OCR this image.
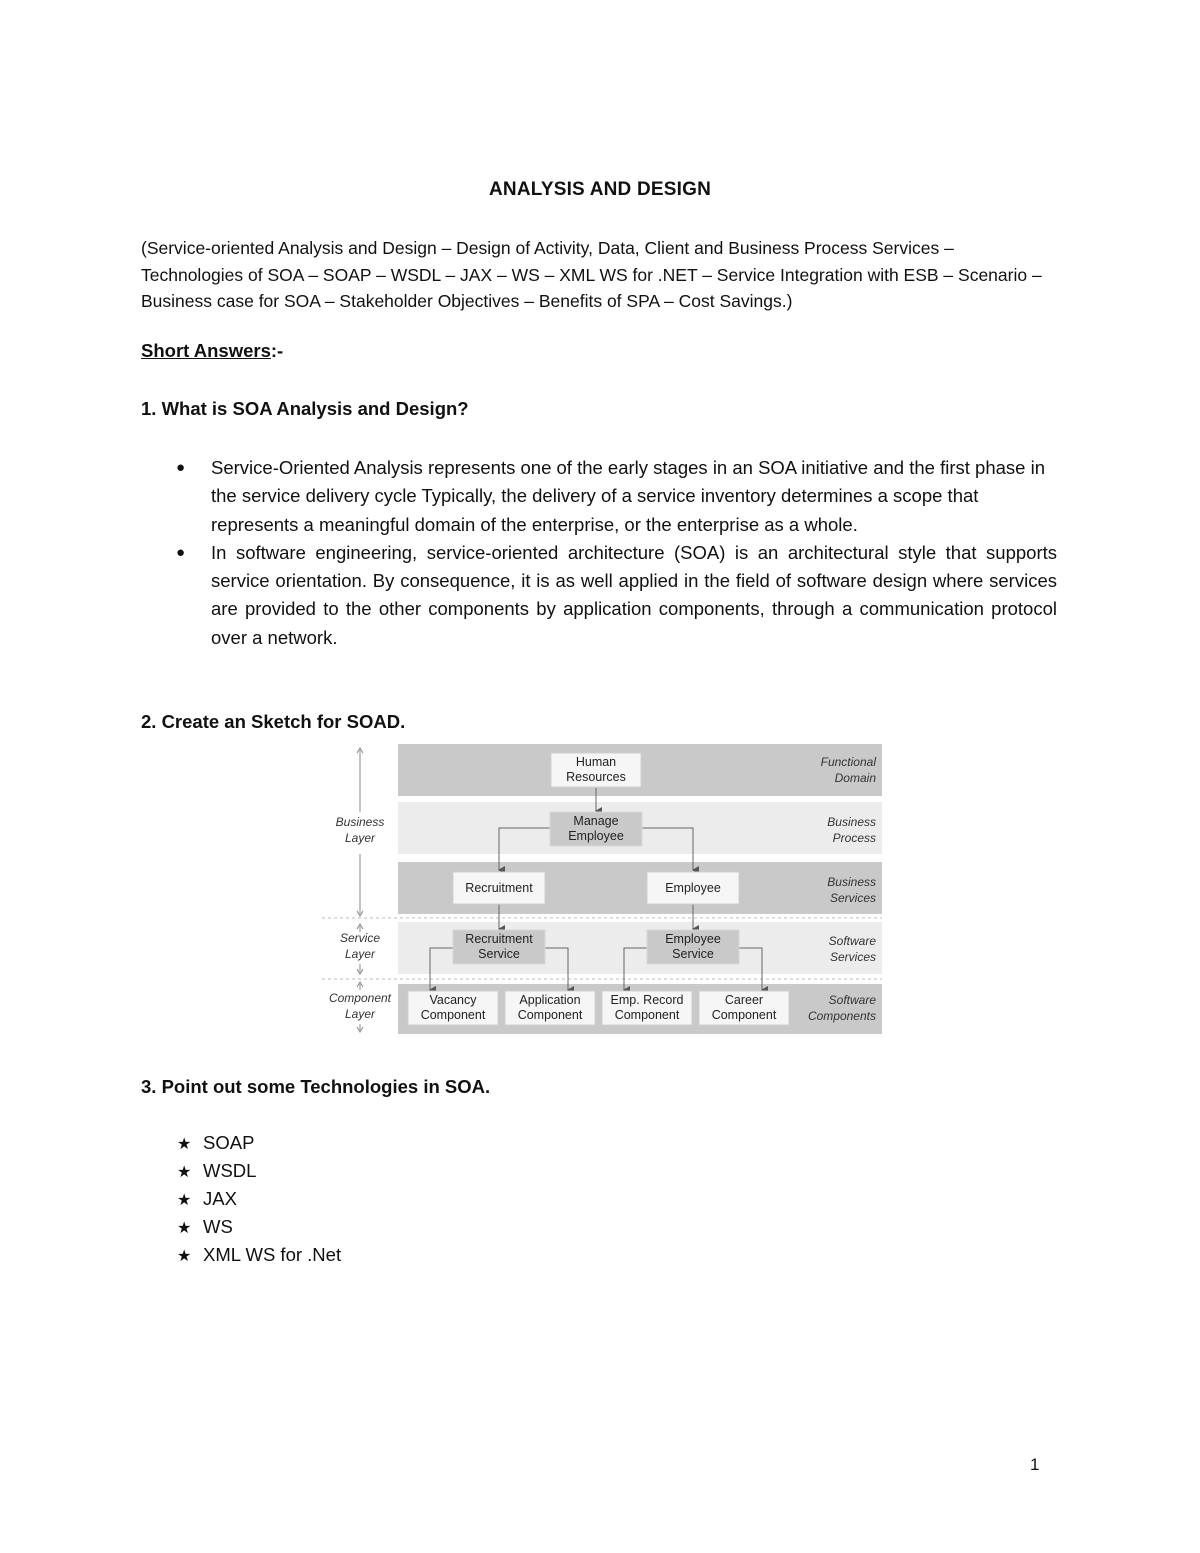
ANALYSIS AND DESIGN

(Service-oriented Analysis and Design – Design of Activity, Data, Client and Business Process Services – Technologies of SOA – SOAP – WSDL – JAX – WS – XML WS for .NET – Service Integration with ESB – Scenario – Business case for SOA – Stakeholder Objectives – Benefits of SPA – Cost Savings.)

Short Answers:-

1. What is SOA Analysis and Design?

● Service-Oriented Analysis represents one of the early stages in an SOA initiative and the first phase in the service delivery cycle Typically, the delivery of a service inventory determines a scope that represents a meaningful domain of the enterprise, or the enterprise as a whole.
● In software engineering, service-oriented architecture (SOA) is an architectural style that supports service orientation. By consequence, it is as well applied in the field of software design where services are provided to the other components by application components, through a communication protocol over a network.

2. Create an Sketch for SOAD.

Business
Layer
Service
Layer
Component
Layer
Functional
Domain
Business
Process
Business
Services
Software
Services
Software
Components
Human
Resources
Manage
Employee
Recruitment	Employee
Recruitment
Service
Employee
Service
Vacancy
Component
Application
Component
Emp. Record
Component
Career
Component

3. Point out some Technologies in SOA.

★ SOAP
★ WSDL
★ JAX
★ WS
★ XML WS for .Net
1
